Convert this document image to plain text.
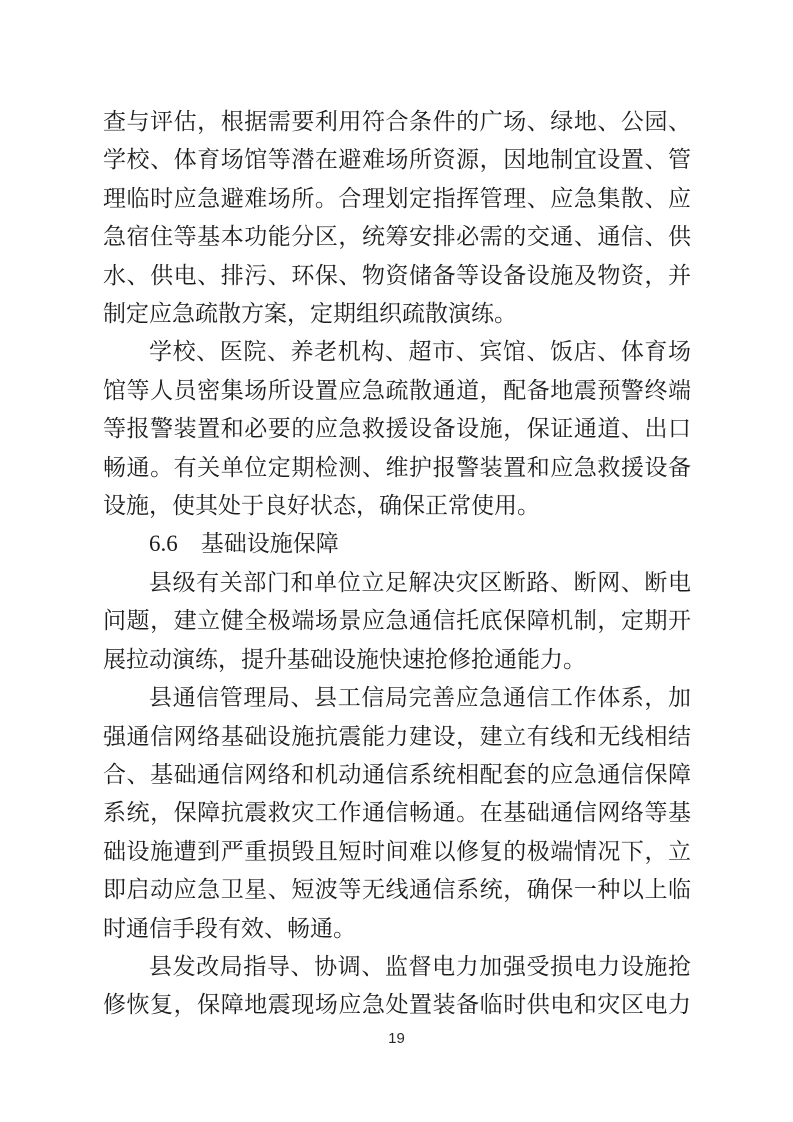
查与评估，根据需要利用符合条件的广场、绿地、公园、
学校、体育场馆等潜在避难场所资源，因地制宜设置、管
理临时应急避难场所。合理划定指挥管理、应急集散、应
急宿住等基本功能分区，统筹安排必需的交通、通信、供
水、供电、排污、环保、物资储备等设备设施及物资，并
制定应急疏散方案，定期组织疏散演练。
学校、医院、养老机构、超市、宾馆、饭店、体育场
馆等人员密集场所设置应急疏散通道，配备地震预警终端
等报警装置和必要的应急救援设备设施，保证通道、出口
畅通。有关单位定期检测、维护报警装置和应急救援设备
设施，使其处于良好状态，确保正常使用。
6.6　基础设施保障
县级有关部门和单位立足解决灾区断路、断网、断电
问题，建立健全极端场景应急通信托底保障机制，定期开
展拉动演练，提升基础设施快速抢修抢通能力。
县通信管理局、县工信局完善应急通信工作体系，加
强通信网络基础设施抗震能力建设，建立有线和无线相结
合、基础通信网络和机动通信系统相配套的应急通信保障
系统，保障抗震救灾工作通信畅通。在基础通信网络等基
础设施遭到严重损毁且短时间难以修复的极端情况下，立
即启动应急卫星、短波等无线通信系统，确保一种以上临
时通信手段有效、畅通。
县发改局指导、协调、监督电力加强受损电力设施抢
修恢复，保障地震现场应急处置装备临时供电和灾区电力
19
